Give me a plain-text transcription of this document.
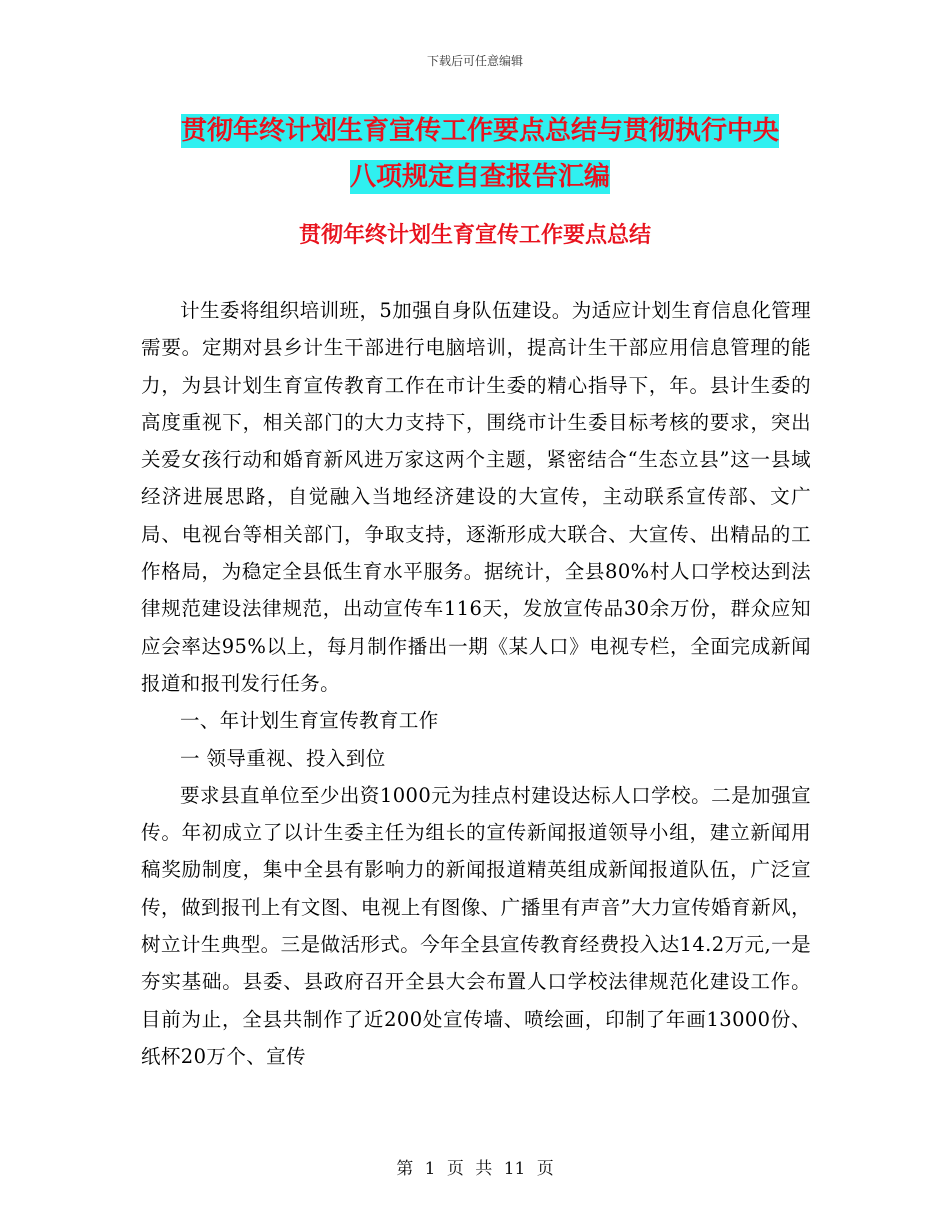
下载后可任意编辑
贯彻年终计划生育宣传工作要点总结与贯彻执行中央
八项规定自查报告汇编
贯彻年终计划生育宣传工作要点总结

计生委将组织培训班，5加强自身队伍建设。为适应计划生育信息化管理需要。定期对县乡计生干部进行电脑培训，提高计生干部应用信息管理的能力，为县计划生育宣传教育工作在市计生委的精心指导下，年。县计生委的高度重视下，相关部门的大力支持下，围绕市计生委目标考核的要求，突出关爱女孩行动和婚育新风进万家这两个主题，紧密结合“生态立县”这一县域经济进展思路，自觉融入当地经济建设的大宣传，主动联系宣传部、文广局、电视台等相关部门，争取支持，逐渐形成大联合、大宣传、出精品的工作格局，为稳定全县低生育水平服务。据统计，全县80%村人口学校达到法律规范建设法律规范，出动宣传车116天，发放宣传品30余万份，群众应知应会率达95%以上，每月制作播出一期《某人口》电视专栏，全面完成新闻报道和报刊发行任务。

一、年计划生育宣传教育工作

一 领导重视、投入到位

要求县直单位至少出资1000元为挂点村建设达标人口学校。二是加强宣传。年初成立了以计生委主任为组长的宣传新闻报道领导小组，建立新闻用稿奖励制度，集中全县有影响力的新闻报道精英组成新闻报道队伍，广泛宣传，做到报刊上有文图、电视上有图像、广播里有声音”大力宣传婚育新风，树立计生典型。三是做活形式。今年全县宣传教育经费投入达14.2万元,一是夯实基础。县委、县政府召开全县大会布置人口学校法律规范化建设工作。目前为止，全县共制作了近200处宣传墙、喷绘画，印制了年画13000份、纸杯20万个、宣传

第 1 页 共 11 页
